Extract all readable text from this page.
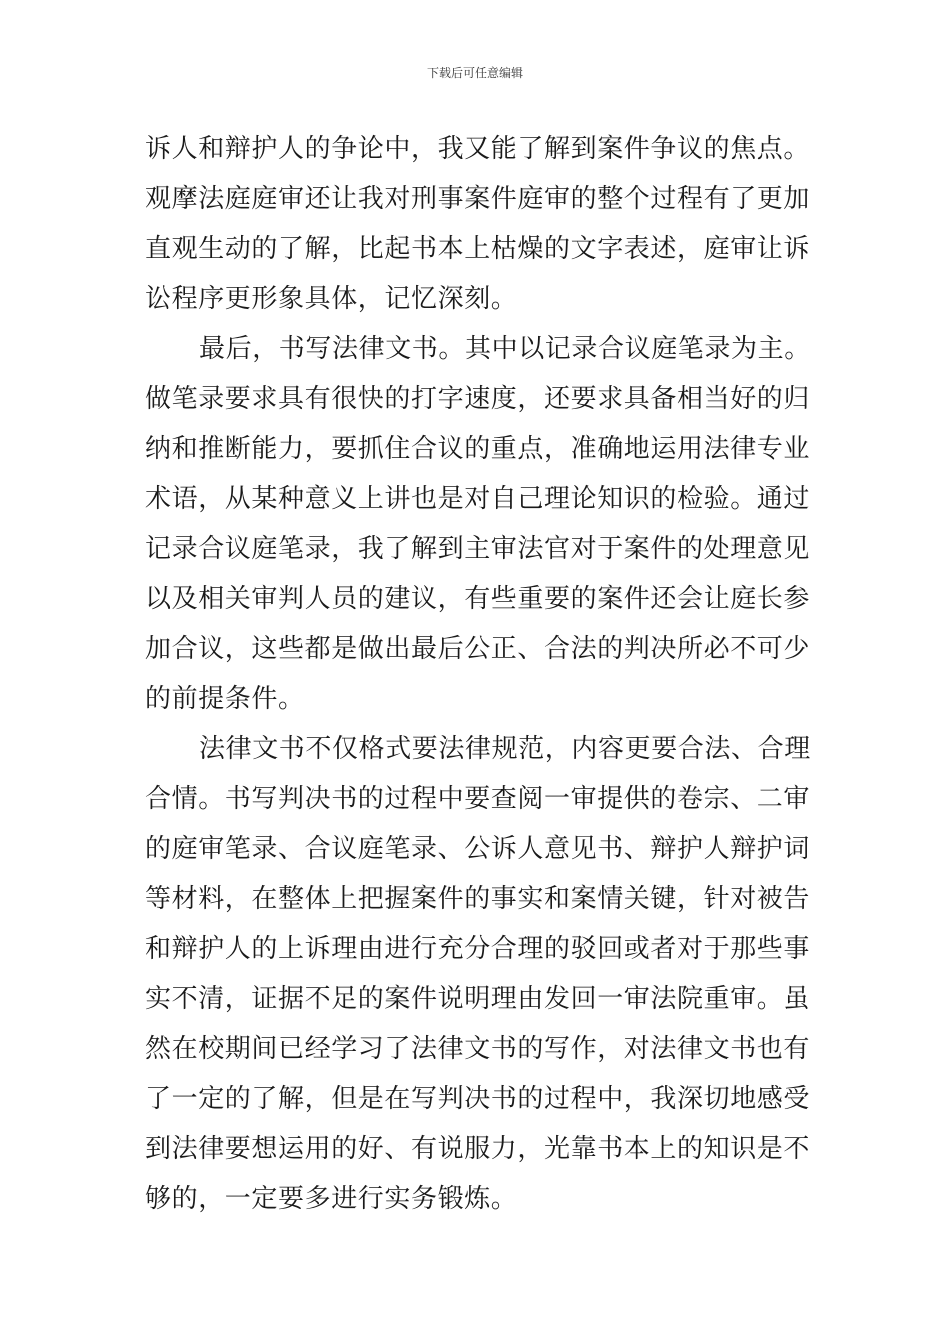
下载后可任意编辑
诉人和辩护人的争论中，我又能了解到案件争议的焦点。
观摩法庭庭审还让我对刑事案件庭审的整个过程有了更加
直观生动的了解，比起书本上枯燥的文字表述，庭审让诉
讼程序更形象具体，记忆深刻。
最后，书写法律文书。其中以记录合议庭笔录为主。
做笔录要求具有很快的打字速度，还要求具备相当好的归
纳和推断能力，要抓住合议的重点，准确地运用法律专业
术语，从某种意义上讲也是对自己理论知识的检验。通过
记录合议庭笔录，我了解到主审法官对于案件的处理意见
以及相关审判人员的建议，有些重要的案件还会让庭长参
加合议，这些都是做出最后公正、合法的判决所必不可少
的前提条件。
法律文书不仅格式要法律规范，内容更要合法、合理
合情。书写判决书的过程中要查阅一审提供的卷宗、二审
的庭审笔录、合议庭笔录、公诉人意见书、辩护人辩护词
等材料，在整体上把握案件的事实和案情关键，针对被告
和辩护人的上诉理由进行充分合理的驳回或者对于那些事
实不清，证据不足的案件说明理由发回一审法院重审。虽
然在校期间已经学习了法律文书的写作，对法律文书也有
了一定的了解，但是在写判决书的过程中，我深切地感受
到法律要想运用的好、有说服力，光靠书本上的知识是不
够的，一定要多进行实务锻炼。
